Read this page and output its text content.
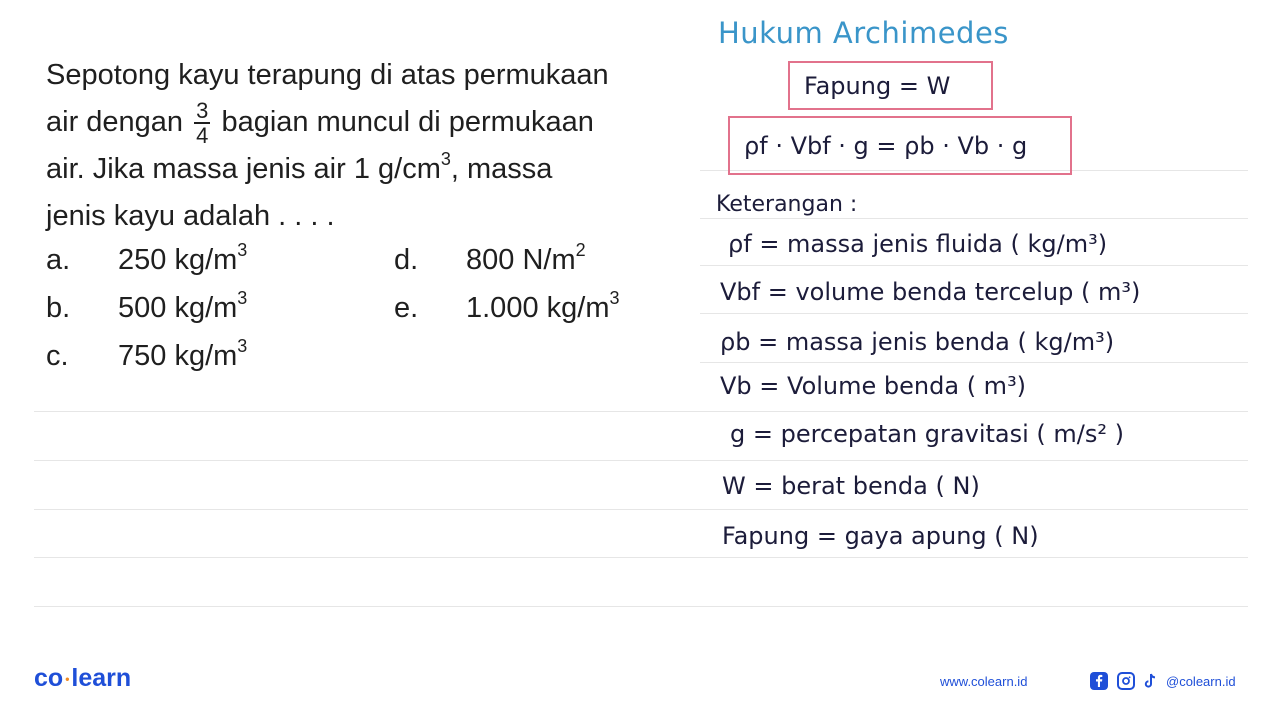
Sepotong kayu terapung di atas permukaan
air dengan $\frac{3}{4}$ bagian muncul di permukaan
air. Jika massa jenis air 1 $g/cm^3$, massa
jenis kayu adalah . . . .
a. 250 $kg/m^3$
b. 500 $kg/m^3$
c. 750 $kg/m^3$
d. 800 $N/m^2$
e. 1.000 $kg/m^3$
Hukum Archimedes
Fapung = W
ρf · Vbf · g = ρb · Vb · g
Keterangan :
ρf = massa jenis fluida ( kg/m³)
Vbf = volume benda tercelup ( m³)
ρb = massa jenis benda ( kg/m³)
Vb = Volume benda ( m³)
g = percepatan gravitasi ( m/s² )
W = berat benda ( N)
Fapung = gaya apung ( N)
co •learn	www.colearn.id	@colearn.id
